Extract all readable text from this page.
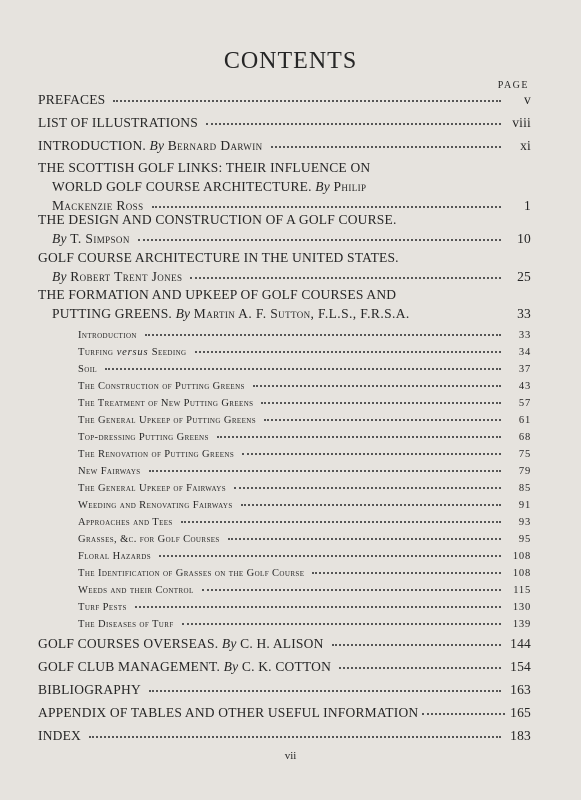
CONTENTS
PAGE
PREFACES	v
LIST OF ILLUSTRATIONS	viii
INTRODUCTION. By Bernard Darwin	xi
THE SCOTTISH GOLF LINKS: THEIR INFLUENCE ON
WORLD GOLF COURSE ARCHITECTURE. By Philip
Mackenzie Ross	1
THE DESIGN AND CONSTRUCTION OF A GOLF COURSE.
By T. Simpson	10
GOLF COURSE ARCHITECTURE IN THE UNITED STATES.
By Robert Trent Jones	25
THE FORMATION AND UPKEEP OF GOLF COURSES AND
PUTTING GREENS. By Martin A. F. Sutton, F.L.S., F.R.S.A.	33
Introduction	33
Turfing versus Seeding	34
Soil	37
The Construction of Putting Greens	43
The Treatment of New Putting Greens	57
The General Upkeep of Putting Greens	61
Top-dressing Putting Greens	68
The Renovation of Putting Greens	75
New Fairways	79
The General Upkeep of Fairways	85
Weeding and Renovating Fairways	91
Approaches and Tees	93
Grasses, &c. for Golf Courses	95
Floral Hazards	108
The Identification of Grasses on the Golf Course	108
Weeds and their Control	115
Turf Pests	130
The Diseases of Turf	139
GOLF COURSES OVERSEAS. By C. H. ALISON	144
GOLF CLUB MANAGEMENT. By C. K. COTTON	154
BIBLIOGRAPHY	163
APPENDIX OF TABLES AND OTHER USEFUL INFORMATION	165
INDEX	183
vii
